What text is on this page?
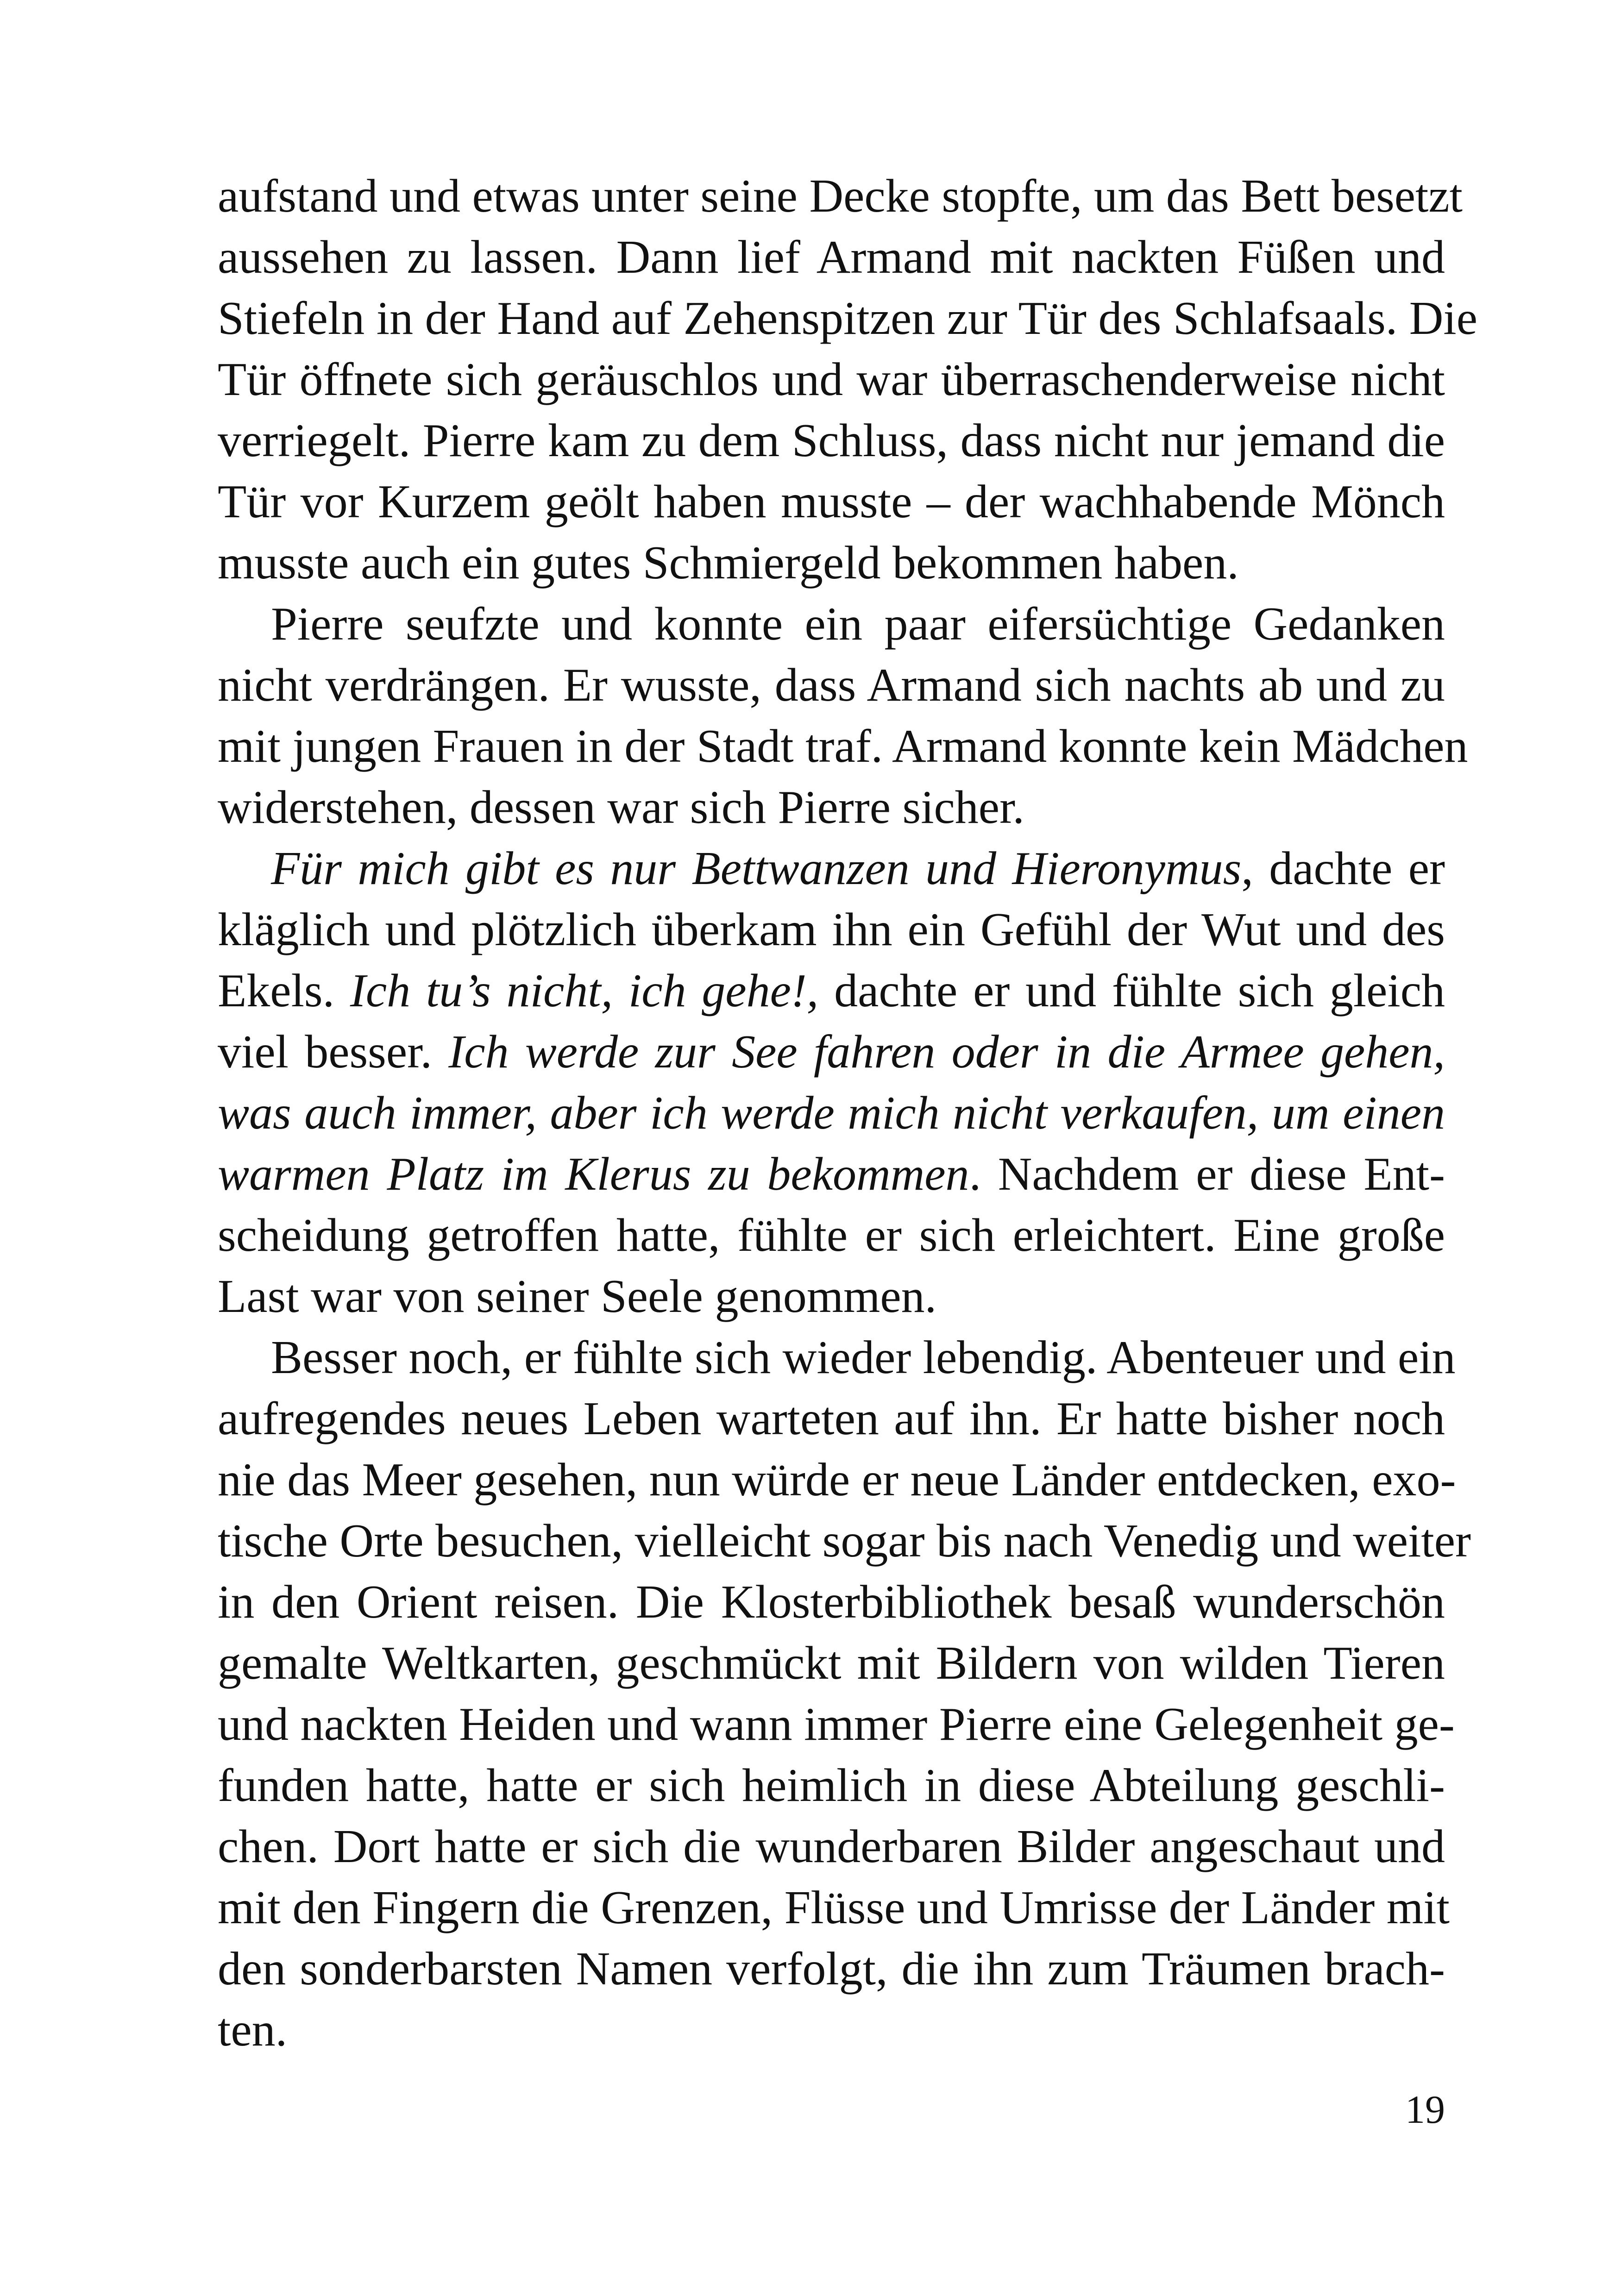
aufstand und etwas unter seine Decke stopfte, um das Bett besetzt
aussehen zu lassen. Dann lief Armand mit nackten Füßen und
Stiefeln in der Hand auf Zehenspitzen zur Tür des Schlafsaals. Die
Tür öffnete sich geräuschlos und war überraschenderweise nicht
verriegelt. Pierre kam zu dem Schluss, dass nicht nur jemand die
Tür vor Kurzem geölt haben musste – der wachhabende Mönch
musste auch ein gutes Schmiergeld bekommen haben.
Pierre seufzte und konnte ein paar eifersüchtige Gedanken
nicht verdrängen. Er wusste, dass Armand sich nachts ab und zu
mit jungen Frauen in der Stadt traf. Armand konnte kein Mädchen
widerstehen, dessen war sich Pierre sicher.
Für mich gibt es nur Bettwanzen und Hieronymus, dachte er
kläglich und plötzlich überkam ihn ein Gefühl der Wut und des
Ekels. Ich tu’s nicht, ich gehe!, dachte er und fühlte sich gleich
viel besser. Ich werde zur See fahren oder in die Armee gehen,
was auch immer, aber ich werde mich nicht verkaufen, um einen
warmen Platz im Klerus zu bekommen. Nachdem er diese Ent-
scheidung getroffen hatte, fühlte er sich erleichtert. Eine große
Last war von seiner Seele genommen.
Besser noch, er fühlte sich wieder lebendig. Abenteuer und ein
aufregendes neues Leben warteten auf ihn. Er hatte bisher noch
nie das Meer gesehen, nun würde er neue Länder entdecken, exo-
tische Orte besuchen, vielleicht sogar bis nach Venedig und weiter
in den Orient reisen. Die Klosterbibliothek besaß wunderschön
gemalte Weltkarten, geschmückt mit Bildern von wilden Tieren
und nackten Heiden und wann immer Pierre eine Gelegenheit ge-
funden hatte, hatte er sich heimlich in diese Abteilung geschli-
chen. Dort hatte er sich die wunderbaren Bilder angeschaut und
mit den Fingern die Grenzen, Flüsse und Umrisse der Länder mit
den sonderbarsten Namen verfolgt, die ihn zum Träumen brach-
ten.
19
